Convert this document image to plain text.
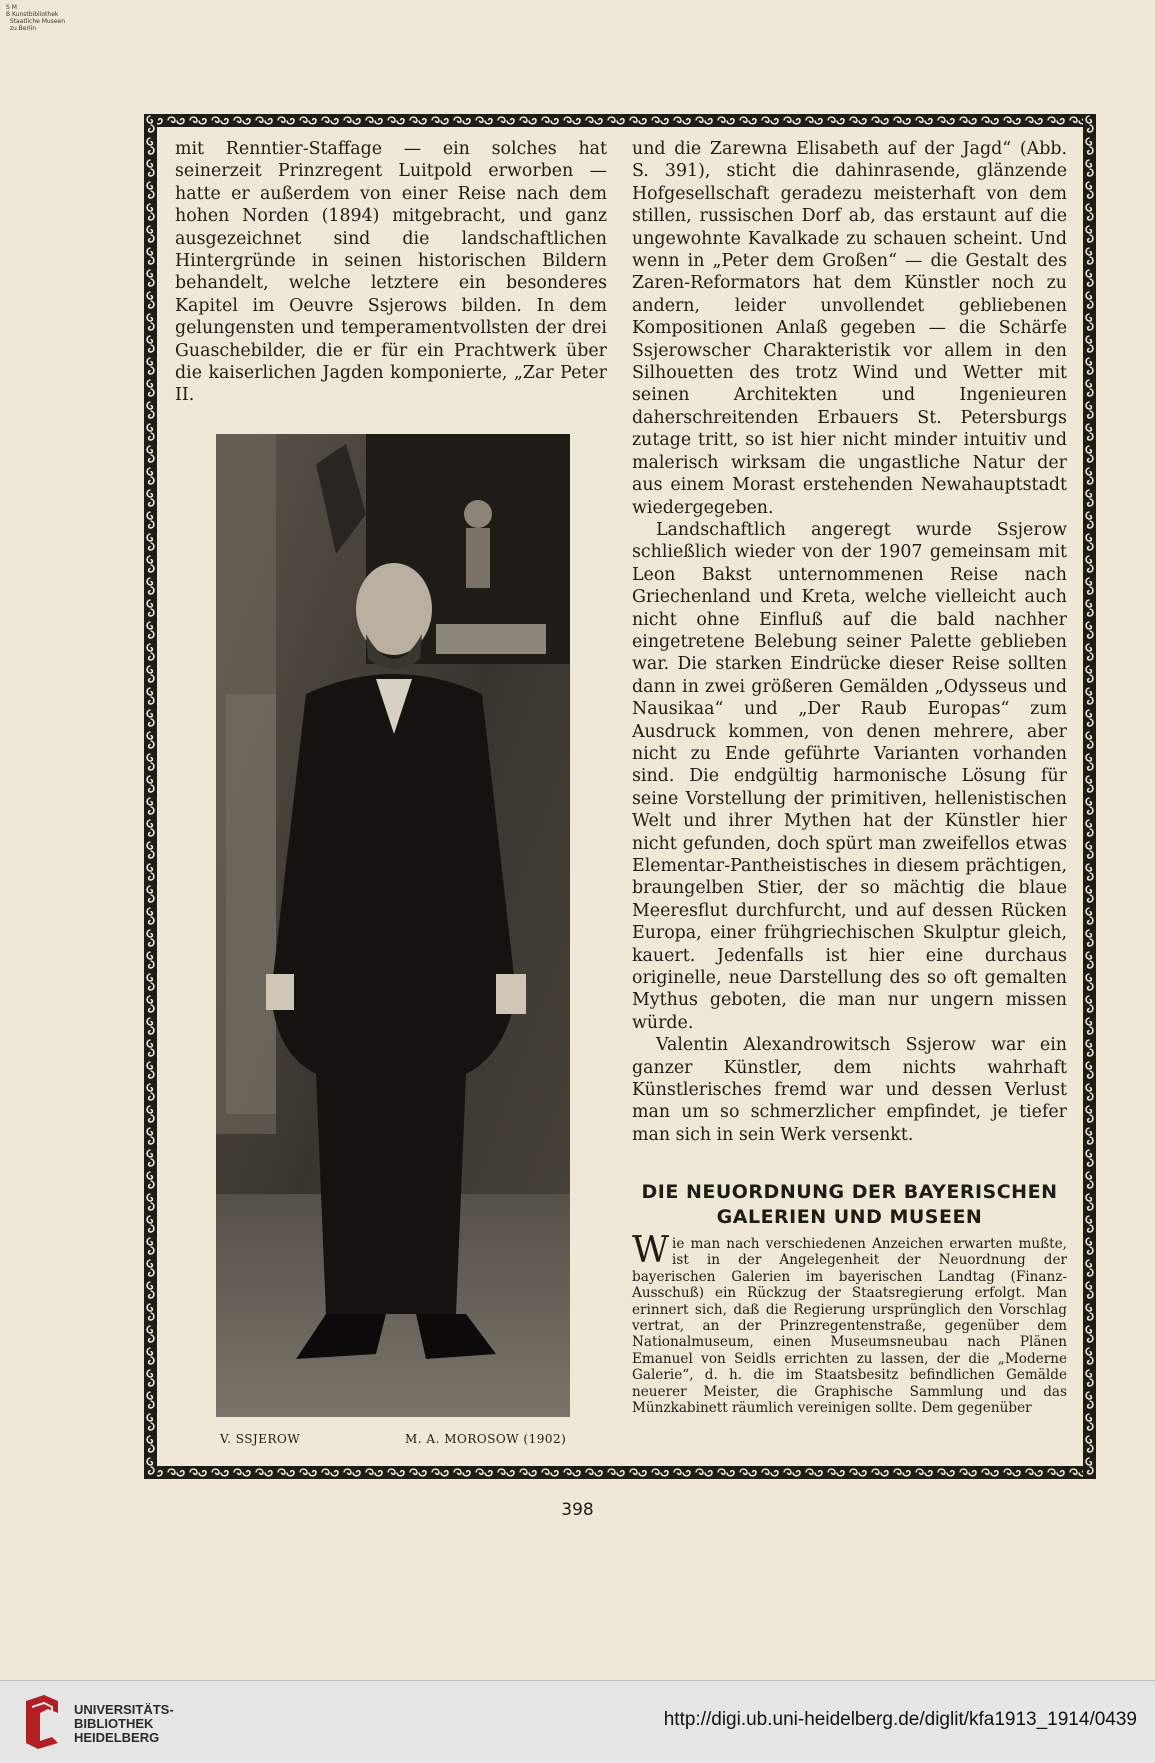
S M
B Kunstbibliothek
Staatliche Museen
zu Berlin

mit Renntier-Staffage — ein solches hat seinerzeit Prinzregent Luitpold erworben — hatte er außerdem von einer Reise nach dem hohen Norden (1894) mitgebracht, und ganz ausgezeichnet sind die landschaftlichen Hintergründe in seinen historischen Bildern behandelt, welche letztere ein besonderes Kapitel im Oeuvre Ssjerows bilden. In dem gelungensten und temperamentvollsten der drei Guaschebilder, die er für ein Prachtwerk über die kaiserlichen Jagden komponierte, „Zar Peter II.

V. SSJEROW	M. A. MOROSOW (1902)

und die Zarewna Elisabeth auf der Jagd“ (Abb. S. 391), sticht die dahinrasende, glänzende Hofgesellschaft geradezu meisterhaft von dem stillen, russischen Dorf ab, das erstaunt auf die ungewohnte Kavalkade zu schauen scheint. Und wenn in „Peter dem Großen“ — die Gestalt des Zaren-Reformators hat dem Künstler noch zu andern, leider unvollendet gebliebenen Kompositionen Anlaß gegeben — die Schärfe Ssjerowscher Charakteristik vor allem in den Silhouetten des trotz Wind und Wetter mit seinen Architekten und Ingenieuren daherschreitenden Erbauers St. Petersburgs zutage tritt, so ist hier nicht minder intuitiv und malerisch wirksam die ungastliche Natur der aus einem Morast erstehenden Newahauptstadt wiedergegeben.

Landschaftlich angeregt wurde Ssjerow schließlich wieder von der 1907 gemeinsam mit Leon Bakst unternommenen Reise nach Griechenland und Kreta, welche vielleicht auch nicht ohne Einfluß auf die bald nachher eingetretene Belebung seiner Palette geblieben war. Die starken Eindrücke dieser Reise sollten dann in zwei größeren Gemälden „Odysseus und Nausikaa“ und „Der Raub Europas“ zum Ausdruck kommen, von denen mehrere, aber nicht zu Ende geführte Varianten vorhanden sind. Die endgültig harmonische Lösung für seine Vorstellung der primitiven, hellenistischen Welt und ihrer Mythen hat der Künstler hier nicht gefunden, doch spürt man zweifellos etwas Elementar-Pantheistisches in diesem prächtigen, braungelben Stier, der so mächtig die blaue Meeresflut durchfurcht, und auf dessen Rücken Europa, einer frühgriechischen Skulptur gleich, kauert. Jedenfalls ist hier eine durchaus originelle, neue Darstellung des so oft gemalten Mythus geboten, die man nur ungern missen würde.

Valentin Alexandrowitsch Ssjerow war ein ganzer Künstler, dem nichts wahrhaft Künstlerisches fremd war und dessen Verlust man um so schmerzlicher empfindet, je tiefer man sich in sein Werk versenkt.

DIE NEUORDNUNG DER BAYERISCHEN
GALERIEN UND MUSEEN
Wie man nach verschiedenen Anzeichen erwarten mußte, ist in der Angelegenheit der Neuordnung der bayerischen Galerien im bayerischen Landtag (Finanz-Ausschuß) ein Rückzug der Staatsregierung erfolgt. Man erinnert sich, daß die Regierung ursprünglich den Vorschlag vertrat, an der Prinzregentenstraße, gegenüber dem Nationalmuseum, einen Museumsneubau nach Plänen Emanuel von Seidls errichten zu lassen, der die „Moderne Galerie“, d. h. die im Staatsbesitz befindlichen Gemälde neuerer Meister, die Graphische Sammlung und das Münzkabinett räumlich vereinigen sollte. Dem gegenüber
398
UNIVERSITÄTS-
BIBLIOTHEK
HEIDELBERG
http://digi.ub.uni-heidelberg.de/diglit/kfa1913_1914/0439
